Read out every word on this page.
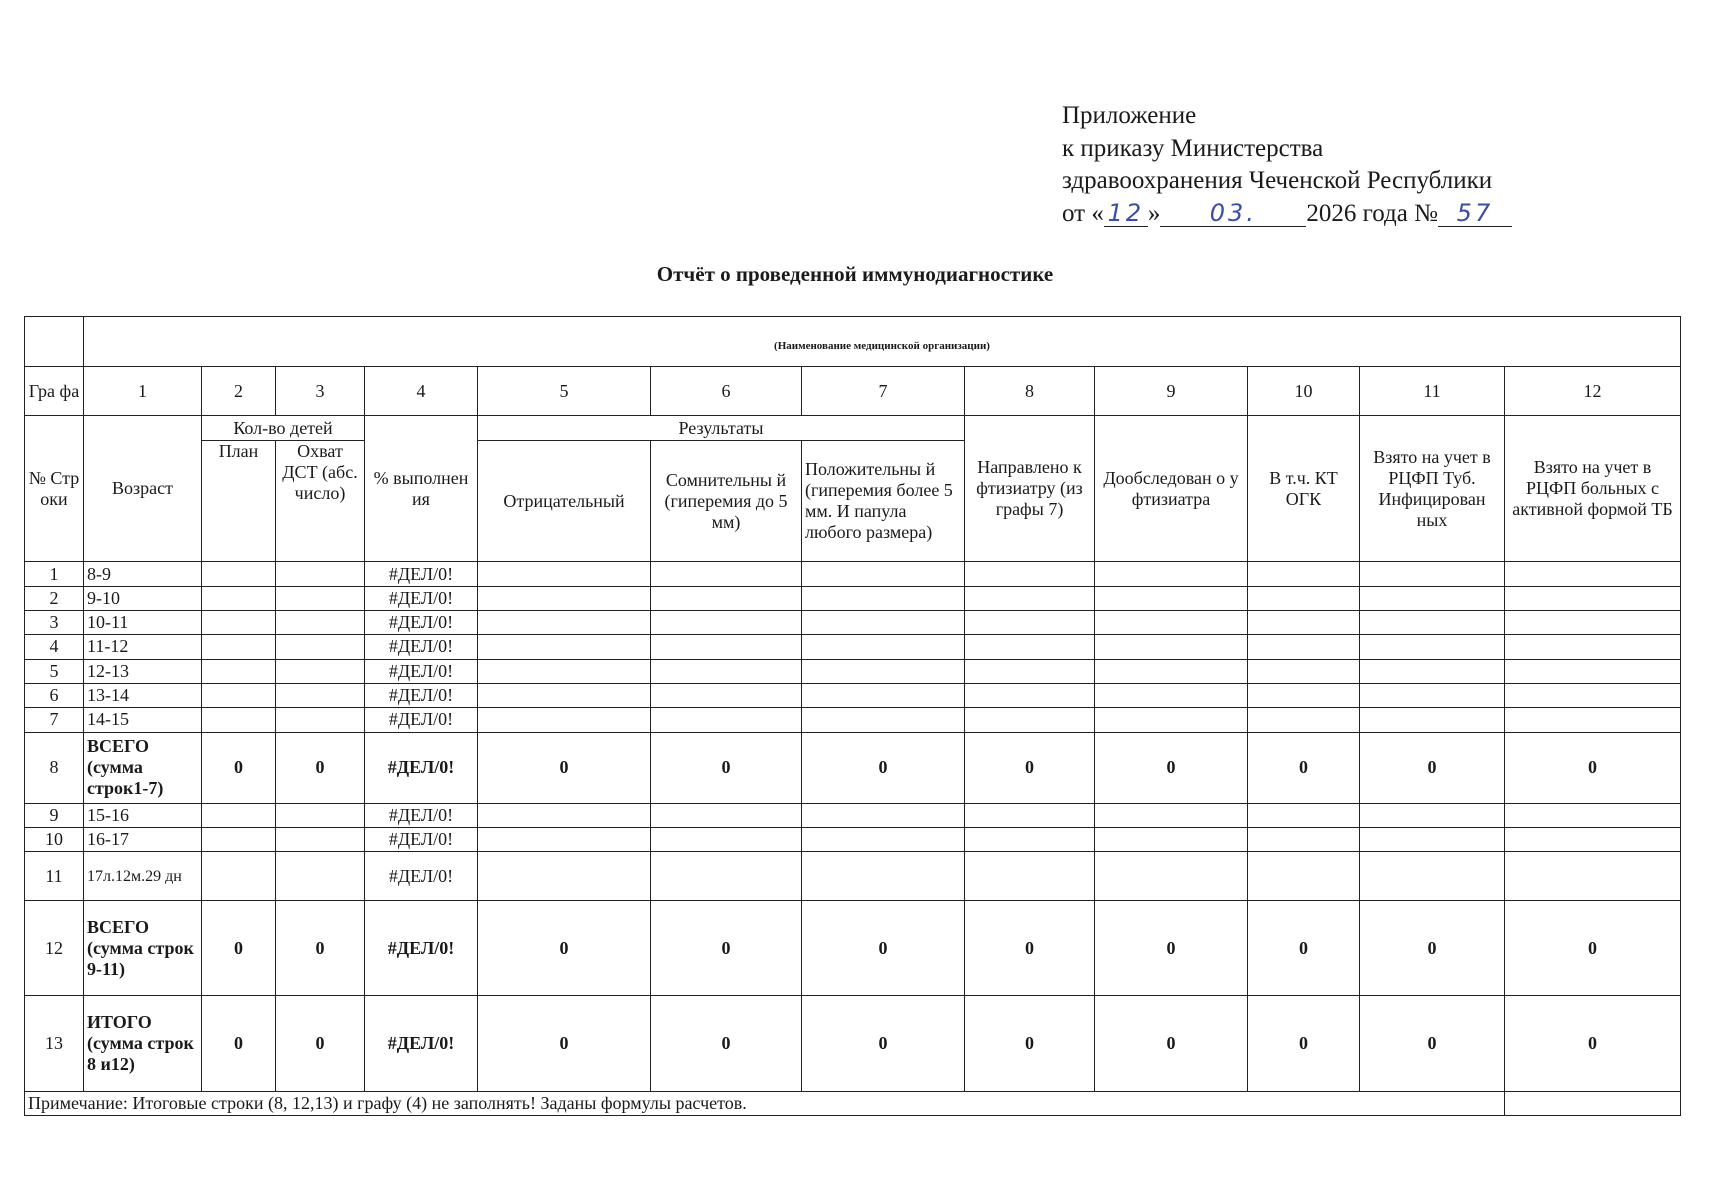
Приложение
к приказу Министерства
здравоохранения Чеченской Республики
от « 12 » 03. 2026 года № 57
Отчёт о проведенной иммунодиагностике
	(Наименование медицинской организации)											
Гра фа	1	2	3	4	5	6	7	8	9	10	11	12
№ Стр оки	Возраст	Кол-во детей		% выполнен ия	Результаты			Направлено к фтизиатру (из графы 7)	Дообследован о у фтизиатра	В т.ч. КТ ОГК	Взято на учет в РЦФП Туб. Инфицирован ных	Взято на учет в РЦФП больных с активной формой ТБ
		План	Охват ДСТ (абс. число)		Отрицательный	Сомнительны й (гиперемия до 5 мм)	Положительны й (гиперемия более 5 мм. И папула любого размера)					
1	8-9			#ДЕЛ/0!								
2	9-10			#ДЕЛ/0!								
3	10-11			#ДЕЛ/0!								
4	11-12			#ДЕЛ/0!								
5	12-13			#ДЕЛ/0!								
6	13-14			#ДЕЛ/0!								
7	14-15			#ДЕЛ/0!								
8	ВСЕГО (сумма строк1-7)	0	0	#ДЕЛ/0!	0	0	0	0	0	0	0	0
9	15-16			#ДЕЛ/0!								
10	16-17			#ДЕЛ/0!								
11	17л.12м.29 дн			#ДЕЛ/0!								
12	ВСЕГО (сумма строк 9-11)	0	0	#ДЕЛ/0!	0	0	0	0	0	0	0	0
13	ИТОГО (сумма строк 8 и12)	0	0	#ДЕЛ/0!	0	0	0	0	0	0	0	0
Примечание: Итоговые строки (8, 12,13) и графу (4) не заполнять! Заданы формулы расчетов.												
